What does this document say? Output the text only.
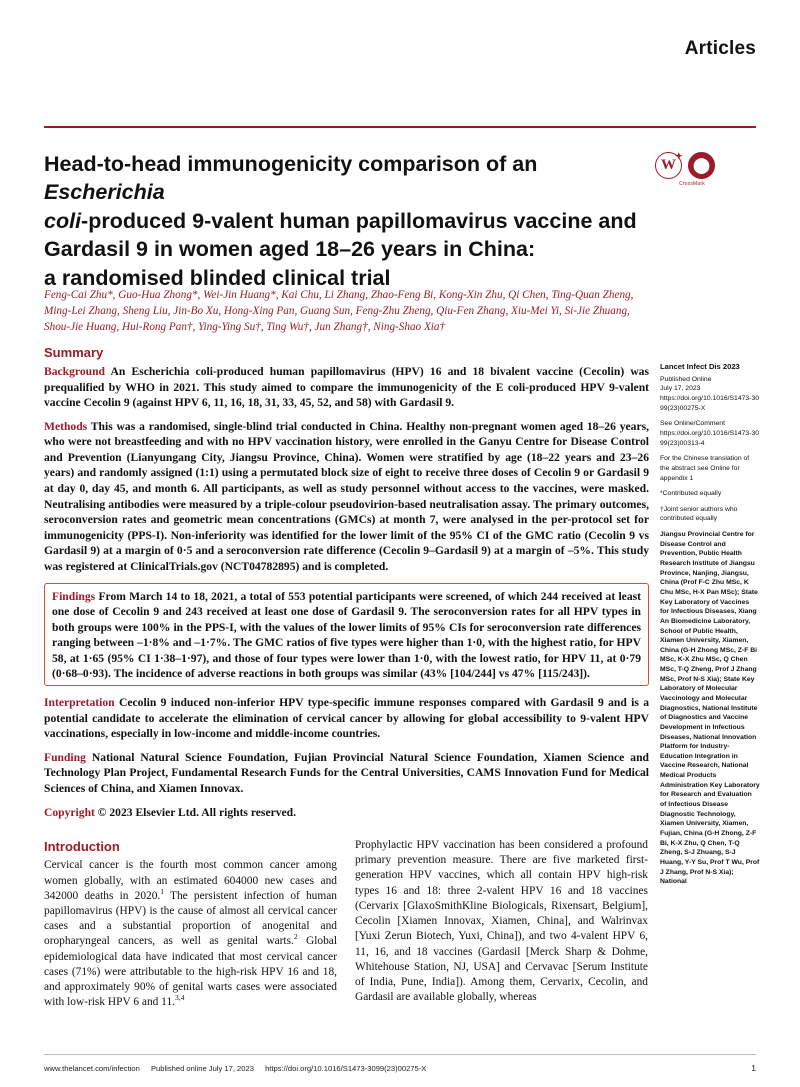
Articles
Head-to-head immunogenicity comparison of an Escherichia
coli-produced 9-valent human papillomavirus vaccine and
Gardasil 9 in women aged 18–26 years in China:
a randomised blinded clinical trial
W
✦
⬤
CrossMark
Feng-Cai Zhu*, Guo-Hua Zhong*, Wei-Jin Huang*, Kai Chu, Li Zhang, Zhao-Feng Bi, Kong-Xin Zhu, Qi Chen, Ting-Quan Zheng, Ming-Lei Zhang, Sheng Liu, Jin-Bo Xu, Hong-Xing Pan, Guang Sun, Feng-Zhu Zheng, Qiu-Fen Zhang, Xiu-Mei Yi, Si-Jie Zhuang, Shou-Jie Huang, Hui-Rong Pan†, Ying-Ying Su†, Ting Wu†, Jun Zhang†, Ning-Shao Xia†
Summary

Background An Escherichia coli-produced human papillomavirus (HPV) 16 and 18 bivalent vaccine (Cecolin) was prequalified by WHO in 2021. This study aimed to compare the immunogenicity of the E coli-produced HPV 9-valent vaccine Cecolin 9 (against HPV 6, 11, 16, 18, 31, 33, 45, 52, and 58) with Gardasil 9.

Methods This was a randomised, single-blind trial conducted in China. Healthy non-pregnant women aged 18–26 years, who were not breastfeeding and with no HPV vaccination history, were enrolled in the Ganyu Centre for Disease Control and Prevention (Lianyungang City, Jiangsu Province, China). Women were stratified by age (18–22 years and 23–26 years) and randomly assigned (1:1) using a permutated block size of eight to receive three doses of Cecolin 9 or Gardasil 9 at day 0, day 45, and month 6. All participants, as well as study personnel without access to the vaccines, were masked. Neutralising antibodies were measured by a triple-colour pseudovirion-based neutralisation assay. The primary outcomes, seroconversion rates and geometric mean concentrations (GMCs) at month 7, were analysed in the per-protocol set for immunogenicity (PPS-I). Non-inferiority was identified for the lower limit of the 95% CI of the GMC ratio (Cecolin 9 vs Gardasil 9) at a margin of 0·5 and a seroconversion rate difference (Cecolin 9–Gardasil 9) at a margin of –5%. This study was registered at ClinicalTrials.gov (NCT04782895) and is completed.

Findings From March 14 to 18, 2021, a total of 553 potential participants were screened, of which 244 received at least one dose of Cecolin 9 and 243 received at least one dose of Gardasil 9. The seroconversion rates for all HPV types in both groups were 100% in the PPS-I, with the values of the lower limits of 95% CIs for seroconversion rate differences ranging between –1·8% and –1·7%. The GMC ratios of five types were higher than 1·0, with the highest ratio, for HPV 58, at 1·65 (95% CI 1·38–1·97), and those of four types were lower than 1·0, with the lowest ratio, for HPV 11, at 0·79 (0·68–0·93). The incidence of adverse reactions in both groups was similar (43% [104/244] vs 47% [115/243]).

Interpretation Cecolin 9 induced non-inferior HPV type-specific immune responses compared with Gardasil 9 and is a potential candidate to accelerate the elimination of cervical cancer by allowing for global accessibility to 9-valent HPV vaccinations, especially in low-income and middle-income countries.

Funding National Natural Science Foundation, Fujian Provincial Natural Science Foundation, Xiamen Science and Technology Plan Project, Fundamental Research Funds for the Central Universities, CAMS Innovation Fund for Medical Sciences of China, and Xiamen Innovax.

Copyright © 2023 Elsevier Ltd. All rights reserved.

Introduction

Cervical cancer is the fourth most common cancer among women globally, with an estimated 604000 new cases and 342000 deaths in 2020.$^1$ The persistent infection of human papillomavirus (HPV) is the cause of almost all cervical cancer cases and a substantial proportion of anogenital and oropharyngeal cancers, as well as genital warts.$^2$ Global epidemiological data have indicated that most cervical cancer cases (71%) were attributable to the high-risk HPV 16 and 18, and approximately 90% of genital warts cases were associated with low-risk HPV 6 and 11.$^{3,4}$

Prophylactic HPV vaccination has been considered a profound primary prevention measure. There are five marketed first-generation HPV vaccines, which all contain HPV high-risk types 16 and 18: three 2-valent HPV 16 and 18 vaccines (Cervarix [GlaxoSmithKline Biologicals, Rixensart, Belgium], Cecolin [Xiamen Innovax, Xiamen, China], and Walrinvax [Yuxi Zerun Biotech, Yuxi, China]), and two 4-valent HPV 6, 11, 16, and 18 vaccines (Gardasil [Merck Sharp & Dohme, Whitehouse Station, NJ, USA] and Cervavac [Serum Institute of India, Pune, India]). Among them, Cervarix, Cecolin, and Gardasil are available globally, whereas

Lancet Infect Dis 2023

Published Online
July 17, 2023
https://doi.org/10.1016/S1473-3099(23)00275-X

See Online/Comment
https://doi.org/10.1016/S1473-3099(23)00313-4

For the Chinese translation of the abstract see Online for appendix 1

*Contributed equally

†Joint senior authors who contributed equally

Jiangsu Provincial Centre for Disease Control and Prevention, Public Health Research Institute of Jiangsu Province, Nanjing, Jiangsu, China (Prof F-C Zhu MSc, K Chu MSc, H-X Pan MSc); State Key Laboratory of Vaccines for Infectious Diseases, Xiang An Biomedicine Laboratory, School of Public Health, Xiamen University, Xiamen, China (G-H Zhong MSc, Z-F Bi MSc, K-X Zhu MSc, Q Chen MSc, T-Q Zheng, Prof J Zhang MSc, Prof N-S Xia); State Key Laboratory of Molecular Vaccinology and Molecular Diagnostics, National Institute of Diagnostics and Vaccine Development in Infectious Diseases, National Innovation Platform for Industry-Education Integration in Vaccine Research, National Medical Products Administration Key Laboratory for Research and Evaluation of Infectious Disease Diagnostic Technology, Xiamen University, Xiamen, Fujian, China (G-H Zhong, Z-F Bi, K-X Zhu, Q Chen, T-Q Zheng, S-J Zhuang, S-J Huang, Y-Y Su, Prof T Wu, Prof J Zhang, Prof N-S Xia); National

www.thelancet.com/infection Published online July 17, 2023 https://doi.org/10.1016/S1473-3099(23)00275-X	1
